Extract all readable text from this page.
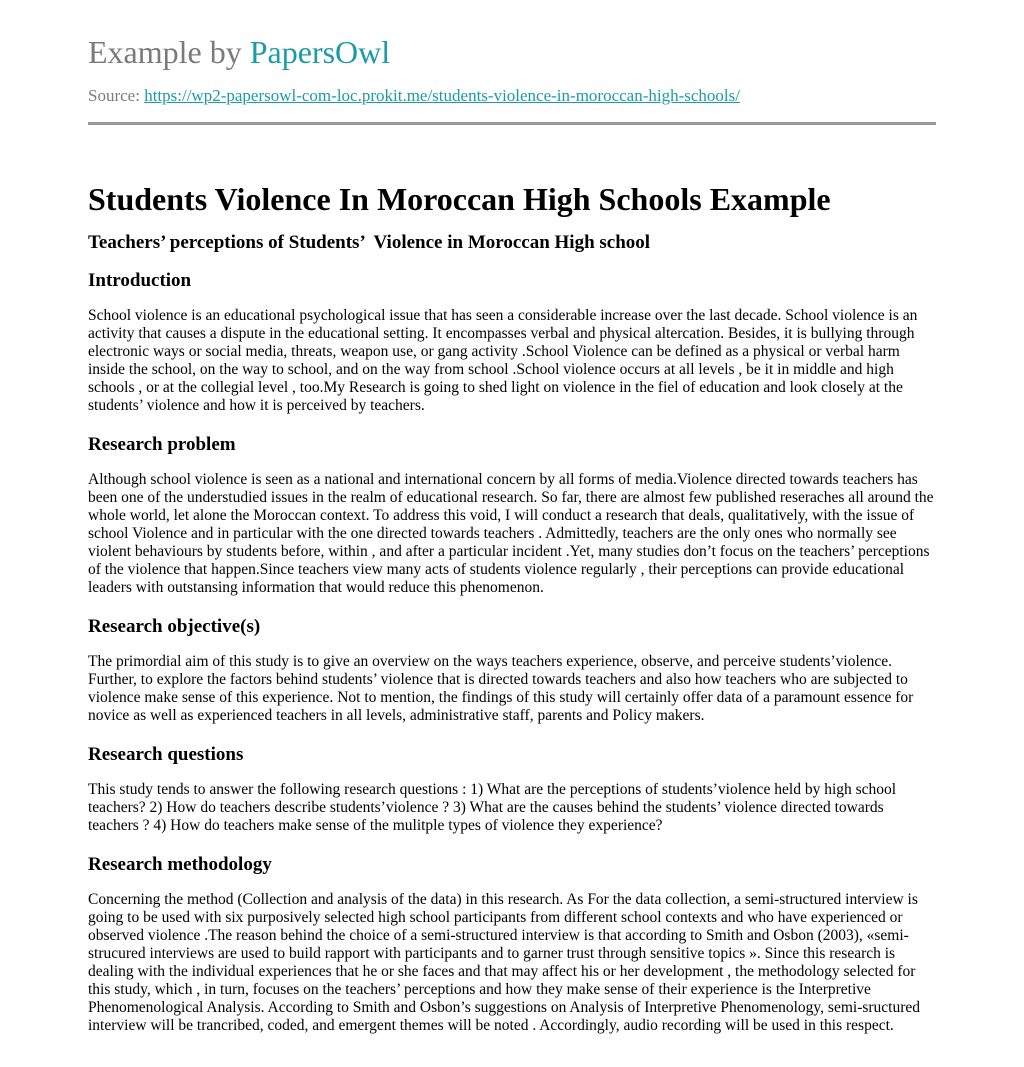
Example by PapersOwl

Source: https://wp2-papersowl-com-loc.prokit.me/students-violence-in-moroccan-high-schools/

Students Violence In Moroccan High Schools Example
Teachers’ perceptions of Students’  Violence in Moroccan High school
Introduction

School violence is an educational psychological issue that has seen a considerable increase over the last decade. School violence is an activity that causes a dispute in the educational setting. It encompasses verbal and physical altercation. Besides, it is bullying through electronic ways or social media, threats, weapon use, or gang activity .School Violence can be defined as a physical or verbal harm inside the school, on the way to school, and on the way from school .School violence occurs at all levels , be it in middle and high schools , or at the collegial level , too.My Research is going to shed light on violence in the fiel of education and look closely at the students’ violence and how it is perceived by teachers.

Research problem

Although school violence is seen as a national and international concern by all forms of media.Violence directed towards teachers has been one of the understudied issues in the realm of educational research. So far, there are almost few published reseraches all around the whole world, let alone the Moroccan context. To address this void, I will conduct a research that deals, qualitatively, with the issue of school Violence and in particular with the one directed towards teachers . Admittedly, teachers are the only ones who normally see violent behaviours by students before, within , and after a particular incident .Yet, many studies don’t focus on the teachers’ perceptions of the violence that happen.Since teachers view many acts of students violence regularly , their perceptions can provide educational leaders with outstansing information that would reduce this phenomenon.

Research objective(s)

The primordial aim of this study is to give an overview on the ways teachers experience, observe, and perceive students’violence. Further, to explore the factors behind students’ violence that is directed towards teachers and also how teachers who are subjected to violence make sense of this experience. Not to mention, the findings of this study will certainly offer data of a paramount essence for novice as well as experienced teachers in all levels, administrative staff, parents and Policy makers.

Research questions

This study tends to answer the following research questions : 1) What are the perceptions of students’violence held by high school teachers? 2) How do teachers describe students’violence ? 3) What are the causes behind the students’ violence directed towards teachers ? 4) How do teachers make sense of the mulitple types of violence they experience?

Research methodology

Concerning the method (Collection and analysis of the data) in this research. As For the data collection, a semi-structured interview is going to be used with six purposively selected high school participants from different school contexts and who have experienced or observed violence .The reason behind the choice of a semi-structured interview is that according to Smith and Osbon (2003), «semi-strucured interviews are used to build rapport with participants and to garner trust through sensitive topics ». Since this research is dealing with the individual experiences that he or she faces and that may affect his or her development , the methodology selected for this study, which , in turn, focuses on the teachers’ perceptions and how they make sense of their experience is the Interpretive Phenomenological Analysis. According to Smith and Osbon’s suggestions on Analysis of Interpretive Phenomenology, semi-sructured interview will be trancribed, coded, and emergent themes will be noted . Accordingly, audio recording will be used in this respect.
